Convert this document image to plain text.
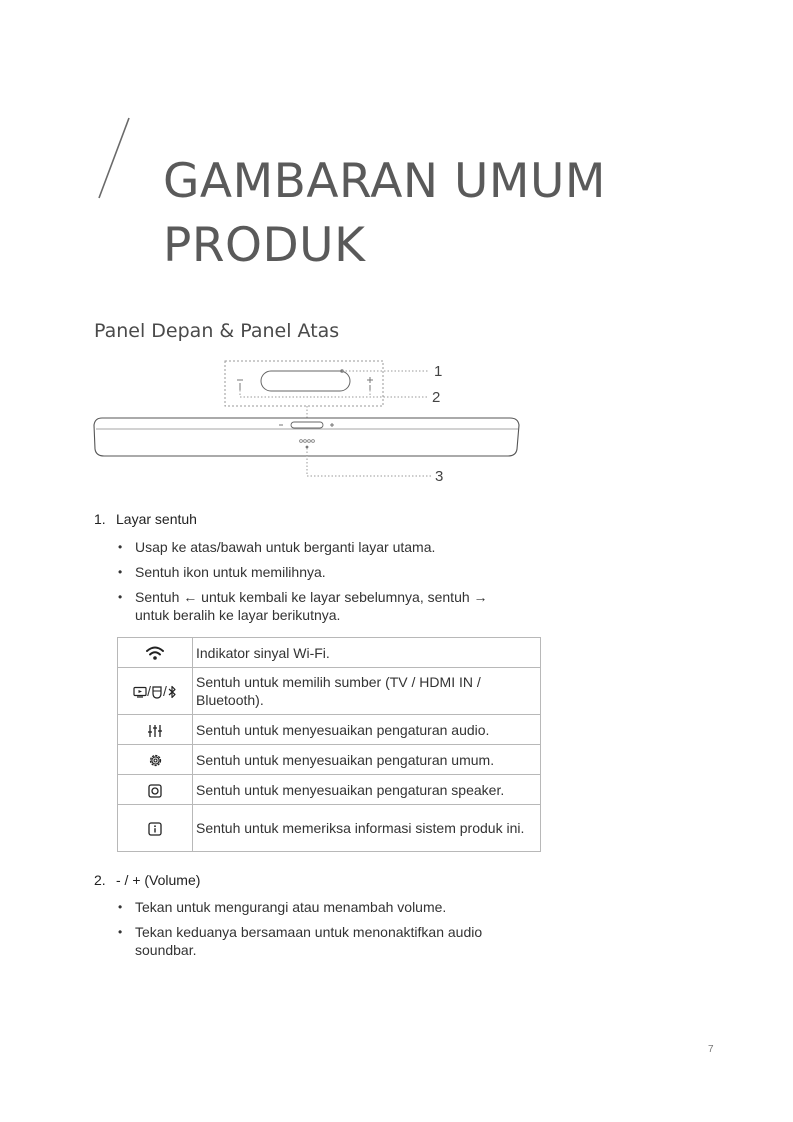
GAMBARAN UMUM
PRODUK
Panel Depan & Panel Atas
1
2
3

1. Layar sentuh

• Usap ke atas/bawah untuk berganti layar utama.
• Sentuh ikon untuk memilihnya.
• Sentuh ← untuk kembali ke layar sebelumnya, sentuh → untuk beralih ke layar berikutnya.
	Indikator sinyal Wi-Fi.
/ /	Sentuh untuk memilih sumber (TV / HDMI IN / Bluetooth).
	Sentuh untuk menyesuaikan pengaturan audio.
	Sentuh untuk menyesuaikan pengaturan umum.
	Sentuh untuk menyesuaikan pengaturan speaker.
	Sentuh untuk memeriksa informasi sistem produk ini.

2. - / + (Volume)

• Tekan untuk mengurangi atau menambah volume.
• Tekan keduanya bersamaan untuk menonaktifkan audio soundbar.
7
